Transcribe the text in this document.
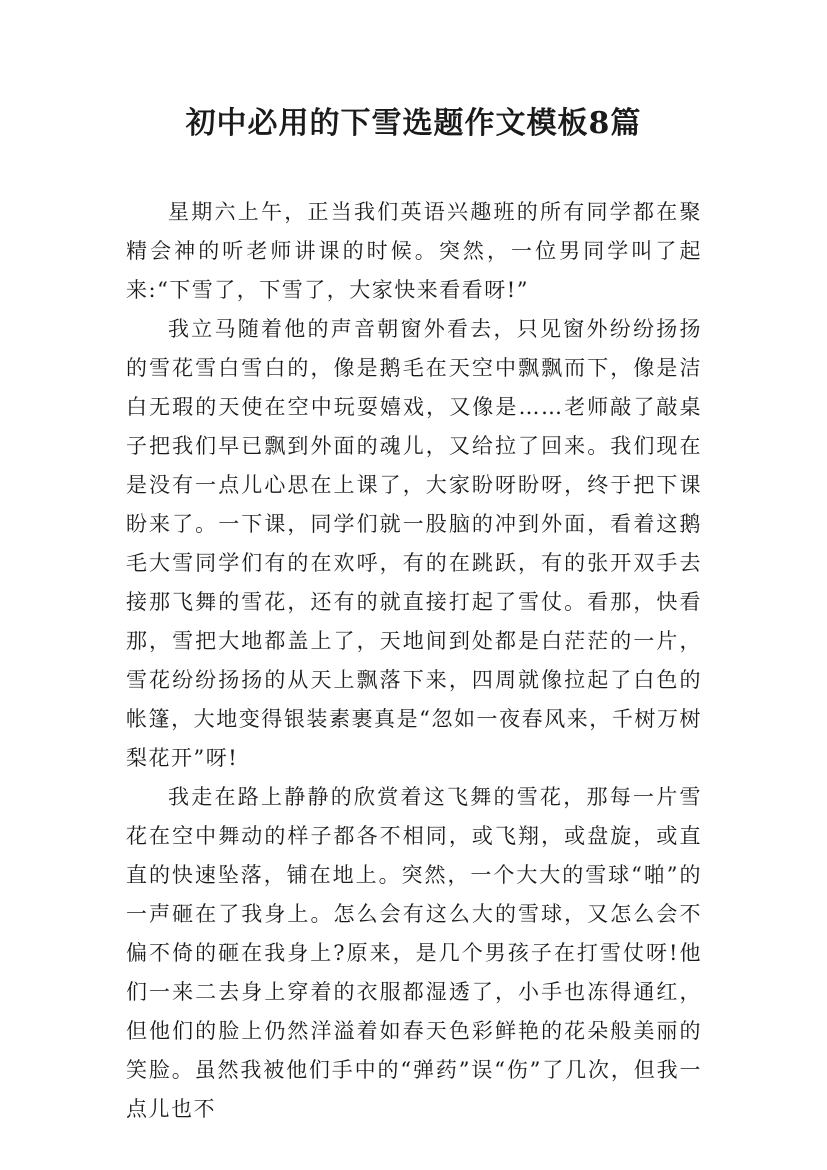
初中必用的下雪选题作文模板8篇

星期六上午，正当我们英语兴趣班的所有同学都在聚精会神的听老师讲课的时候。突然，一位男同学叫了起来:“下雪了，下雪了，大家快来看看呀!”

我立马随着他的声音朝窗外看去，只见窗外纷纷扬扬的雪花雪白雪白的，像是鹅毛在天空中飘飘而下，像是洁白无瑕的天使在空中玩耍嬉戏，又像是……老师敲了敲桌子把我们早已飘到外面的魂儿，又给拉了回来。我们现在是没有一点儿心思在上课了，大家盼呀盼呀，终于把下课盼来了。一下课，同学们就一股脑的冲到外面，看着这鹅毛大雪同学们有的在欢呼，有的在跳跃，有的张开双手去接那飞舞的雪花，还有的就直接打起了雪仗。看那，快看那，雪把大地都盖上了，天地间到处都是白茫茫的一片，雪花纷纷扬扬的从天上飘落下来，四周就像拉起了白色的帐篷，大地变得银装素裹真是“忽如一夜春风来，千树万树梨花开”呀!

我走在路上静静的欣赏着这飞舞的雪花，那每一片雪花在空中舞动的样子都各不相同，或飞翔，或盘旋，或直直的快速坠落，铺在地上。突然，一个大大的雪球“啪”的一声砸在了我身上。怎么会有这么大的雪球，又怎么会不偏不倚的砸在我身上?原来，是几个男孩子在打雪仗呀!他们一来二去身上穿着的衣服都湿透了，小手也冻得通红，但他们的脸上仍然洋溢着如春天色彩鲜艳的花朵般美丽的笑脸。虽然我被他们手中的“弹药”误“伤”了几次，但我一点儿也不
